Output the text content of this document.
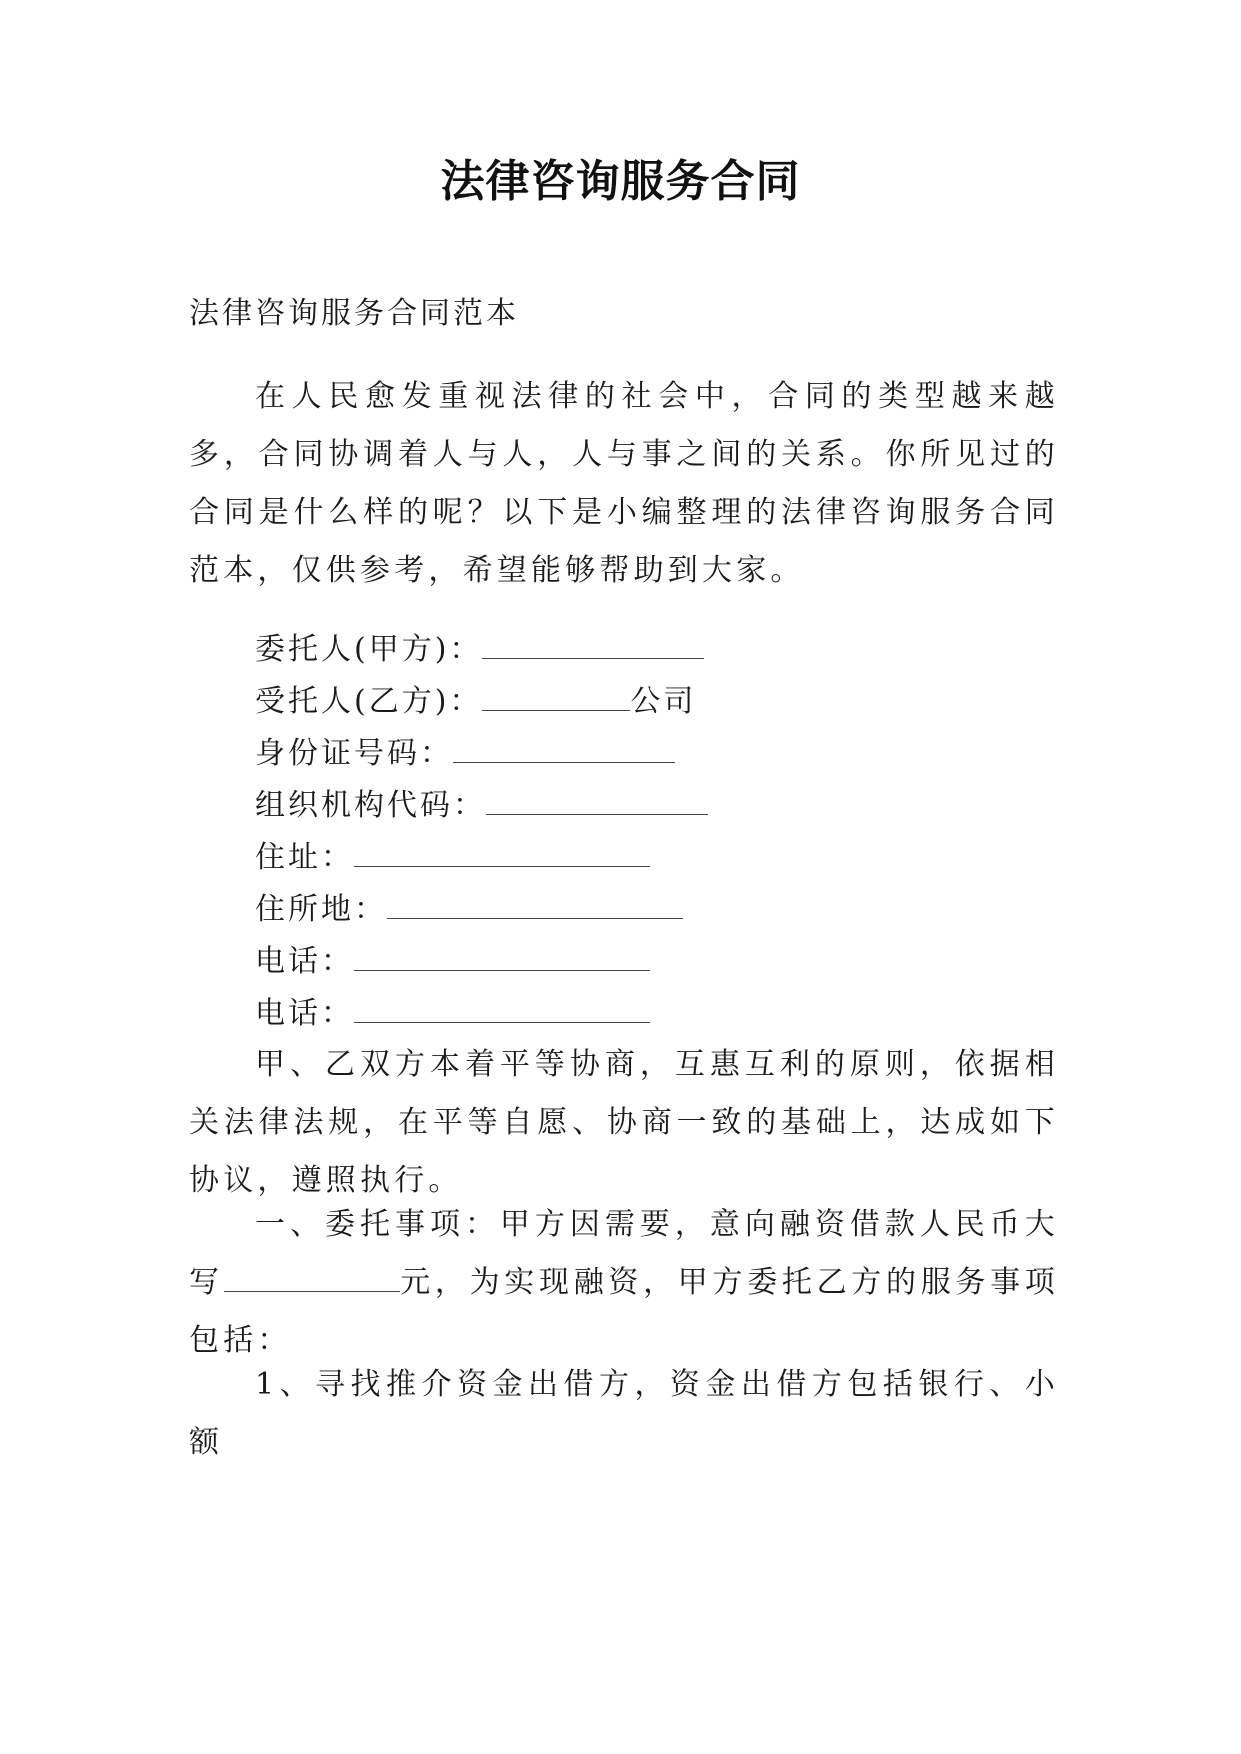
法律咨询服务合同
法律咨询服务合同范本

在人民愈发重视法律的社会中，合同的类型越来越多，合同协调着人与人，人与事之间的关系。你所见过的合同是什么样的呢？以下是小编整理的法律咨询服务合同范本，仅供参考，希望能够帮助到大家。

委托人(甲方)：
受托人(乙方)：	公司
身份证号码：
组织机构代码：
住址：
住所地：
电话：
电话：

甲、乙双方本着平等协商，互惠互利的原则，依据相关法律法规，在平等自愿、协商一致的基础上，达成如下协议，遵照执行。

一、委托事项：甲方因需要，意向融资借款人民币大写	元，为实现融资，甲方委托乙方的服务事项包括：

1、寻找推介资金出借方，资金出借方包括银行、小额
